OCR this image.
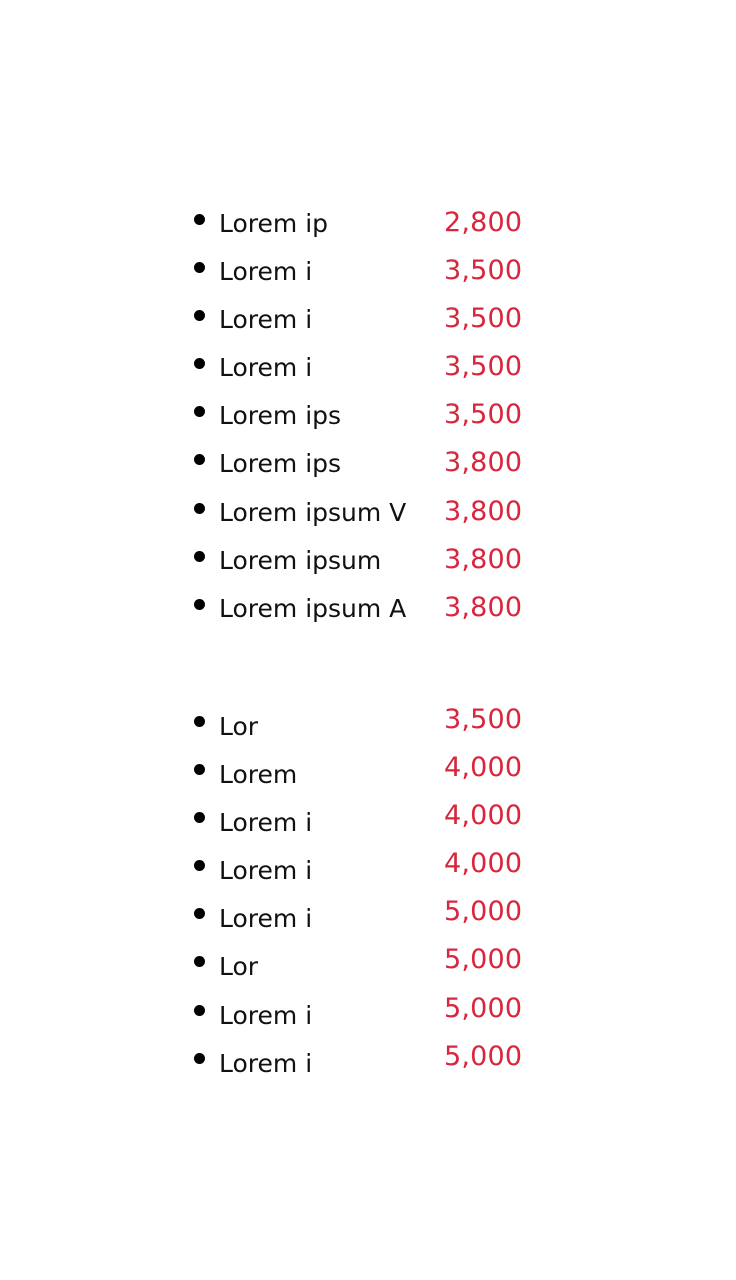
Lorem ip	2,800
Lorem i	3,500
Lorem i	3,500
Lorem i	3,500
Lorem ips	3,500
Lorem ips	3,800
Lorem ipsum V 3,800
Lorem ipsum 3,800
Lorem ipsum A 3,800
Lor	3,500
Lorem	4,000
Lorem i	4,000
Lorem i	4,000
Lorem i	5,000
Lor	5,000
Lorem i	5,000
Lorem i	5,000
